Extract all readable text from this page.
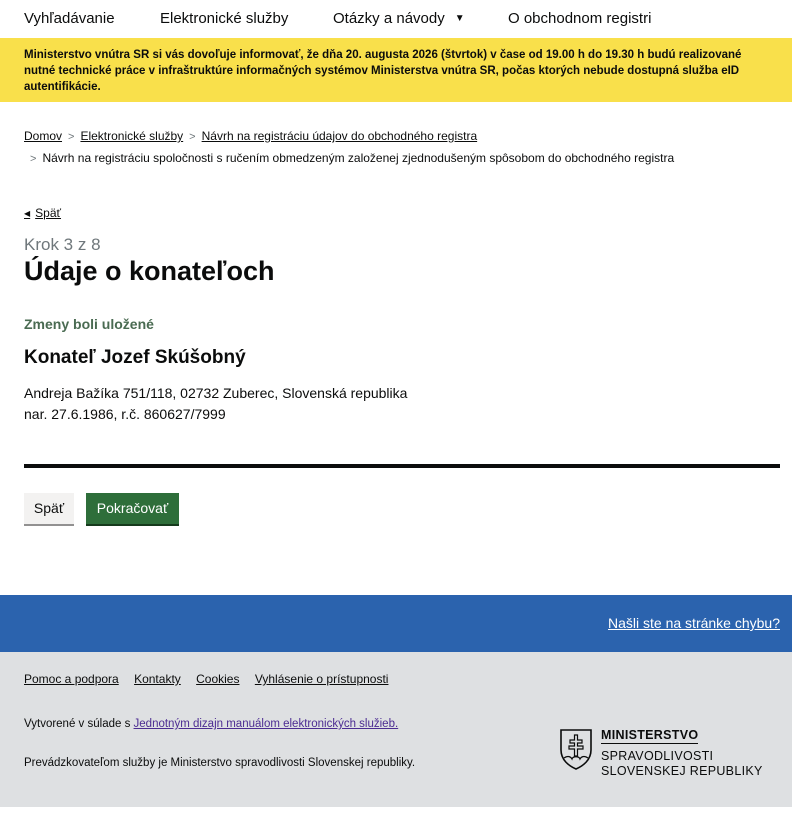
Vyhľadávanie	Elektronické služby	Otázky a návody ▼	O obchodnom registri
Ministerstvo vnútra SR si vás dovoľuje informovať, že dňa 20. augusta 2026 (štvrtok) v čase od 19.00 h do 19.30 h budú realizované nutné technické práce v infraštruktúre informačných systémov Ministerstva vnútra SR, počas ktorých nebude dostupná služba eID autentifikácie.
Domov > Elektronické služby > Návrh na registráciu údajov do obchodného registra
> Návrh na registráciu spoločnosti s ručením obmedzeným založenej zjednodušeným spôsobom do obchodného registra
◀ Späť
Krok 3 z 8
Údaje o konateľoch
Zmeny boli uložené
Konateľ Jozef Skúšobný
Andreja Bažíka 751/118, 02732 Zuberec, Slovenská republika
nar. 27.6.1986, r.č. 860627/7999
Späť	Pokračovať
Našli ste na stránke chybu?
Pomoc a podpora Kontakty Cookies Vyhlásenie o prístupnosti
Vytvorené v súlade s Jednotným dizajn manuálom elektronických služieb.
Prevádzkovateľom služby je Ministerstvo spravodlivosti Slovenskej republiky.
MINISTERSTVO
SPRAVODLIVOSTI
SLOVENSKEJ REPUBLIKY
